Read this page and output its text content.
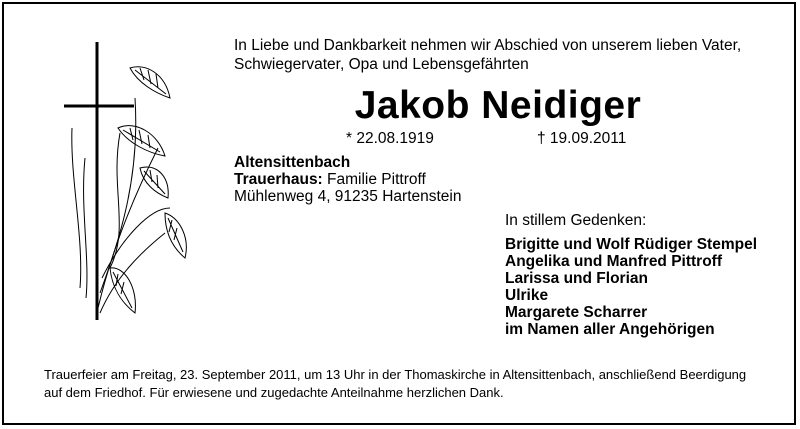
In Liebe und Dankbarkeit nehmen wir Abschied von unserem lieben Vater, Schwiegervater, Opa und Lebensgefährten
Jakob Neidiger
* 22.08.1919	† 19.09.2011
Altensittenbach
Trauerhaus: Familie Pittroff
Mühlenweg 4, 91235 Hartenstein
In stillem Gedenken:
Brigitte und Wolf Rüdiger Stempel
Angelika und Manfred Pittroff
Larissa und Florian
Ulrike
Margarete Scharrer
im Namen aller Angehörigen
Trauerfeier am Freitag, 23. September 2011, um 13 Uhr in der Thomaskirche in Altensittenbach, anschließend Beerdigung auf dem Friedhof. Für erwiesene und zugedachte Anteilnahme herzlichen Dank.
